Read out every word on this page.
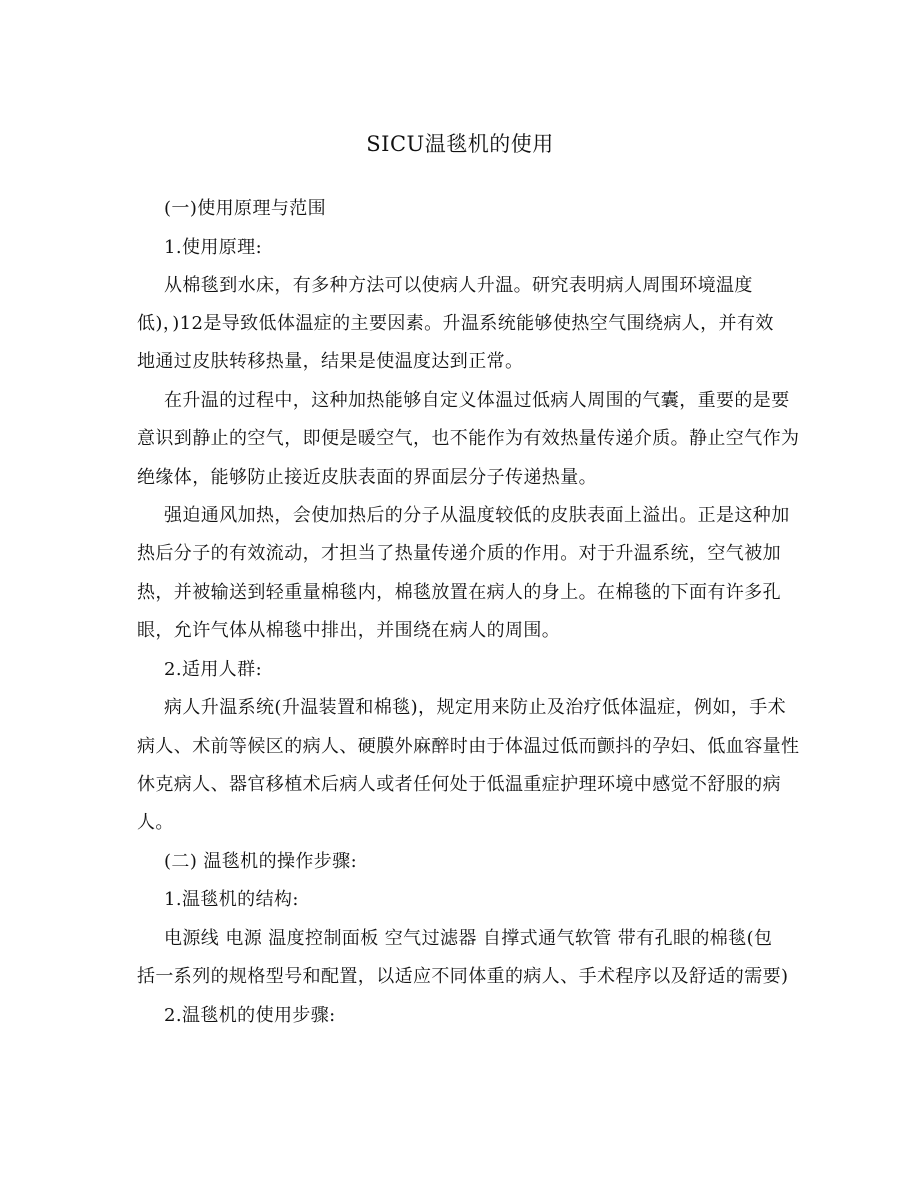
SICU温毯机的使用
(一)使用原理与范围
1.使用原理:
从棉毯到水床，有多种方法可以使病人升温。研究表明病人周围环境温度
低)，)12是导致低体温症的主要因素。升温系统能够使热空气围绕病人，并有效
地通过皮肤转移热量，结果是使温度达到正常。
在升温的过程中，这种加热能够自定义体温过低病人周围的气囊，重要的是要
意识到静止的空气，即便是暖空气，也不能作为有效热量传递介质。静止空气作为
绝缘体，能够防止接近皮肤表面的界面层分子传递热量。
强迫通风加热，会使加热后的分子从温度较低的皮肤表面上溢出。正是这种加
热后分子的有效流动，才担当了热量传递介质的作用。对于升温系统，空气被加
热，并被输送到轻重量棉毯内，棉毯放置在病人的身上。在棉毯的下面有许多孔
眼，允许气体从棉毯中排出，并围绕在病人的周围。
2.适用人群:
病人升温系统(升温装置和棉毯)，规定用来防止及治疗低体温症，例如，手术
病人、术前等候区的病人、硬膜外麻醉时由于体温过低而颤抖的孕妇、低血容量性
休克病人、器官移植术后病人或者任何处于低温重症护理环境中感觉不舒服的病
人。
(二) 温毯机的操作步骤:
1.温毯机的结构:
电源线 电源 温度控制面板 空气过滤器 自撑式通气软管 带有孔眼的棉毯(包
括一系列的规格型号和配置，以适应不同体重的病人、手术程序以及舒适的需要)
2.温毯机的使用步骤:
